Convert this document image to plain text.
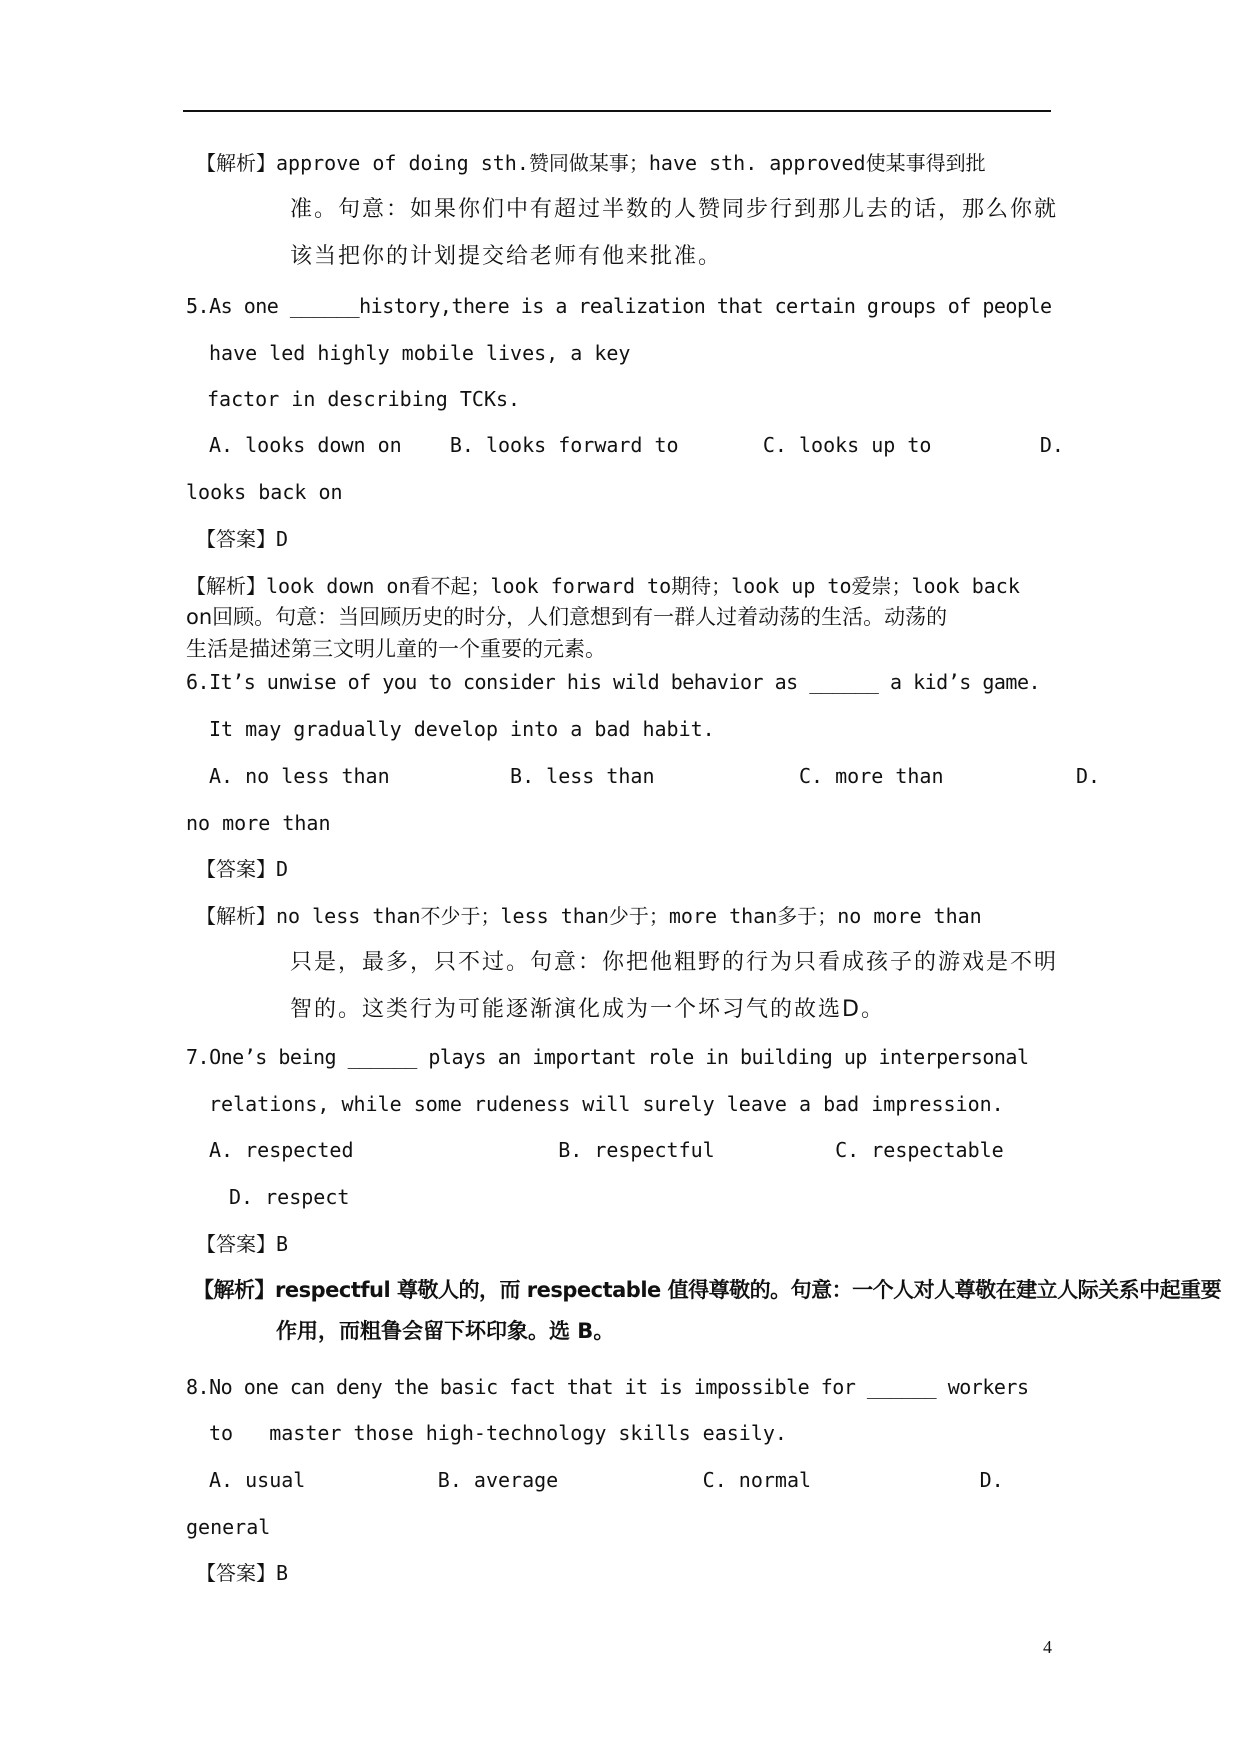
【解析】approve of doing sth.赞同做某事；have sth. approved使某事得到批
准。句意：如果你们中有超过半数的人赞同步行到那儿去的话，那么你就
该当把你的计划提交给老师有他来批准。
5.As one ______history,there is a realization that certain groups of people
have led highly mobile lives, a key
factor in describing TCKs.
A. looks down on    B. looks forward to       C. looks up to         D.
looks back on
【答案】D
【解析】look down on看不起；look forward to期待；look up to爱崇；look back
on回顾。句意：当回顾历史的时分，人们意想到有一群人过着动荡的生活。动荡的
生活是描述第三文明儿童的一个重要的元素。
6.It’s unwise of you to consider his wild behavior as ______ a kid’s game.
It may gradually develop into a bad habit.
A. no less than          B. less than            C. more than           D.
no more than
【答案】D
【解析】no less than不少于；less than少于；more than多于；no more than
只是，最多，只不过。句意：你把他粗野的行为只看成孩子的游戏是不明
智的。这类行为可能逐渐演化成为一个坏习气的故选D。
7.One’s being ______ plays an important role in building up interpersonal
relations, while some rudeness will surely leave a bad impression.
A. respected                 B. respectful          C. respectable
D. respect
【答案】B
【解析】respectful 尊敬人的，而 respectable 值得尊敬的。句意：一个人对人尊敬在建立人际关系中起重要
作用，而粗鲁会留下坏印象。选 B。
8.No one can deny the basic fact that it is impossible for ______ workers
to   master those high-technology skills easily.
A. usual           B. average            C. normal              D.
general
【答案】B
4
